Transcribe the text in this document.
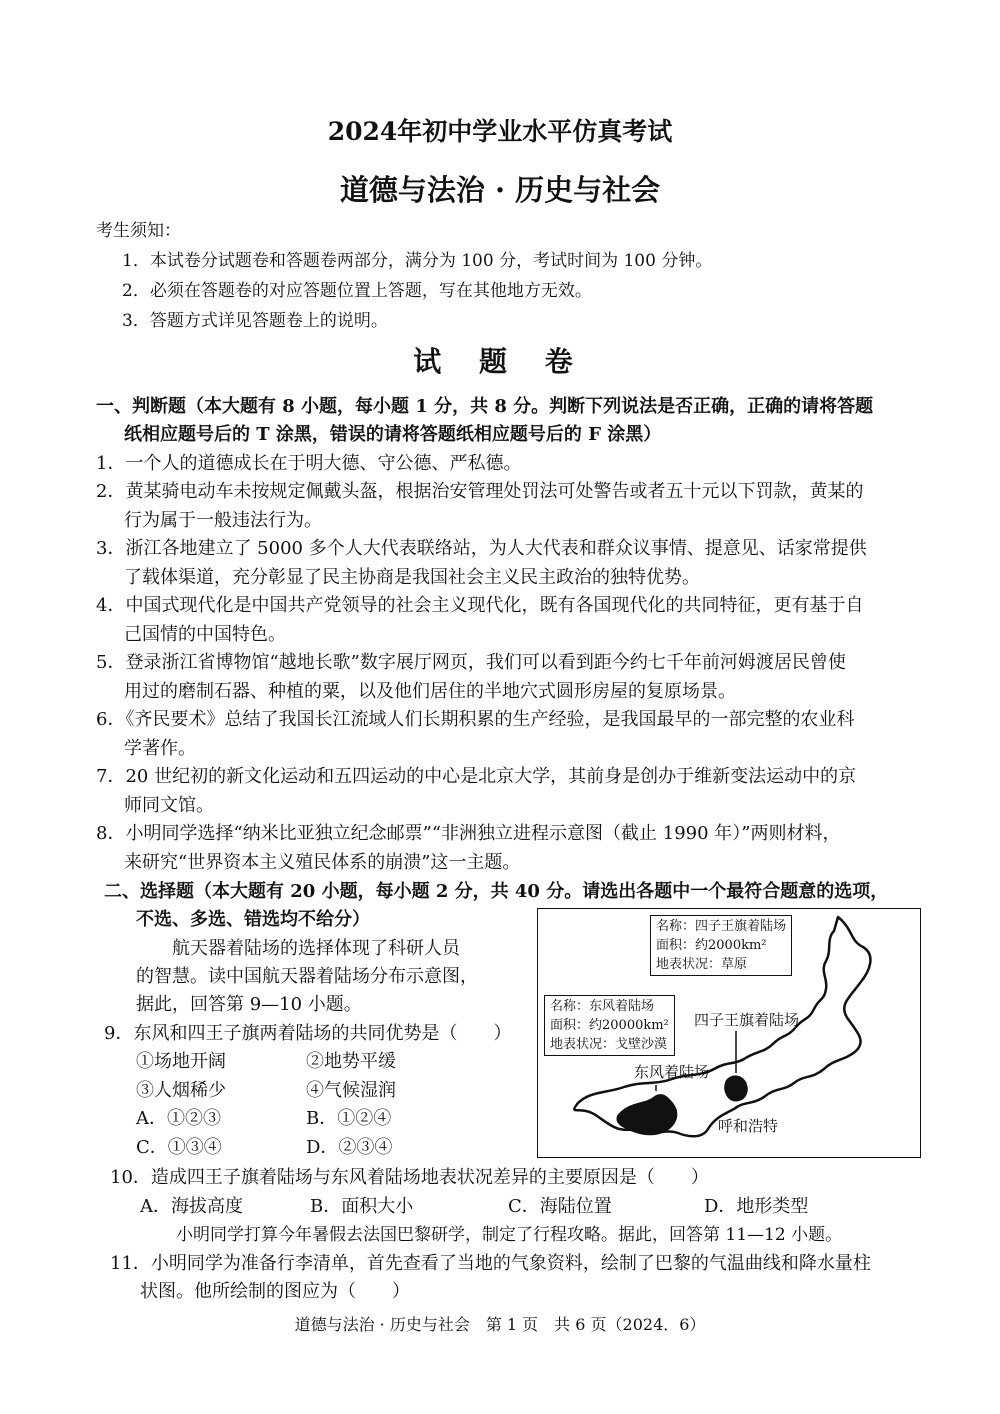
2024年初中学业水平仿真考试
道德与法治 · 历史与社会
考生须知：
1．本试卷分试题卷和答题卷两部分，满分为 100 分，考试时间为 100 分钟。
2．必须在答题卷的对应答题位置上答题，写在其他地方无效。
3．答题方式详见答题卷上的说明。
试 题 卷
一、判断题（本大题有 8 小题，每小题 1 分，共 8 分。判断下列说法是否正确，正确的请将答题
纸相应题号后的 T 涂黑，错误的请将答题纸相应题号后的 F 涂黑）
1．一个人的道德成长在于明大德、守公德、严私德。
2．黄某骑电动车未按规定佩戴头盔，根据治安管理处罚法可处警告或者五十元以下罚款，黄某的
行为属于一般违法行为。
3．浙江各地建立了 5000 多个人大代表联络站，为人大代表和群众议事情、提意见、话家常提供
了载体渠道，充分彰显了民主协商是我国社会主义民主政治的独特优势。
4．中国式现代化是中国共产党领导的社会主义现代化，既有各国现代化的共同特征，更有基于自
己国情的中国特色。
5．登录浙江省博物馆“越地长歌”数字展厅网页，我们可以看到距今约七千年前河姆渡居民曾使
用过的磨制石器、种植的粟，以及他们居住的半地穴式圆形房屋的复原场景。
6．《齐民要术》总结了我国长江流域人们长期积累的生产经验，是我国最早的一部完整的农业科
学著作。
7．20 世纪初的新文化运动和五四运动的中心是北京大学，其前身是创办于维新变法运动中的京
师同文馆。
8．小明同学选择“纳米比亚独立纪念邮票”“非洲独立进程示意图（截止 1990 年）”两则材料，
来研究“世界资本主义殖民体系的崩溃”这一主题。
二、选择题（本大题有 20 小题，每小题 2 分，共 40 分。请选出各题中一个最符合题意的选项，
不选、多选、错选均不给分）
航天器着陆场的选择体现了科研人员
的智慧。读中国航天器着陆场分布示意图，
据此，回答第 9—10 小题。
9．东风和四王子旗两着陆场的共同优势是（　　）
①场地开阔	②地势平缓
③人烟稀少	④气候湿润
A．①②③	B．①②④
C．①③④	D．②③④
10．造成四王子旗着陆场与东风着陆场地表状况差异的主要原因是（　　）
A．海拔高度	B．面积大小	C．海陆位置	D．地形类型
小明同学打算今年暑假去法国巴黎研学，制定了行程攻略。据此，回答第 11—12 小题。
11．小明同学为准备行李清单，首先查看了当地的气象资料，绘制了巴黎的气温曲线和降水量柱
状图。他所绘制的图应为（　　）
名称：四子王旗着陆场
面积：约2000km²
地表状况：草原
名称：东风着陆场
面积：约20000km²
地表状况：戈壁沙漠
四子王旗着陆场
东风着陆场
呼和浩特
道德与法治 · 历史与社会　第 1 页　共 6 页（2024．6）
